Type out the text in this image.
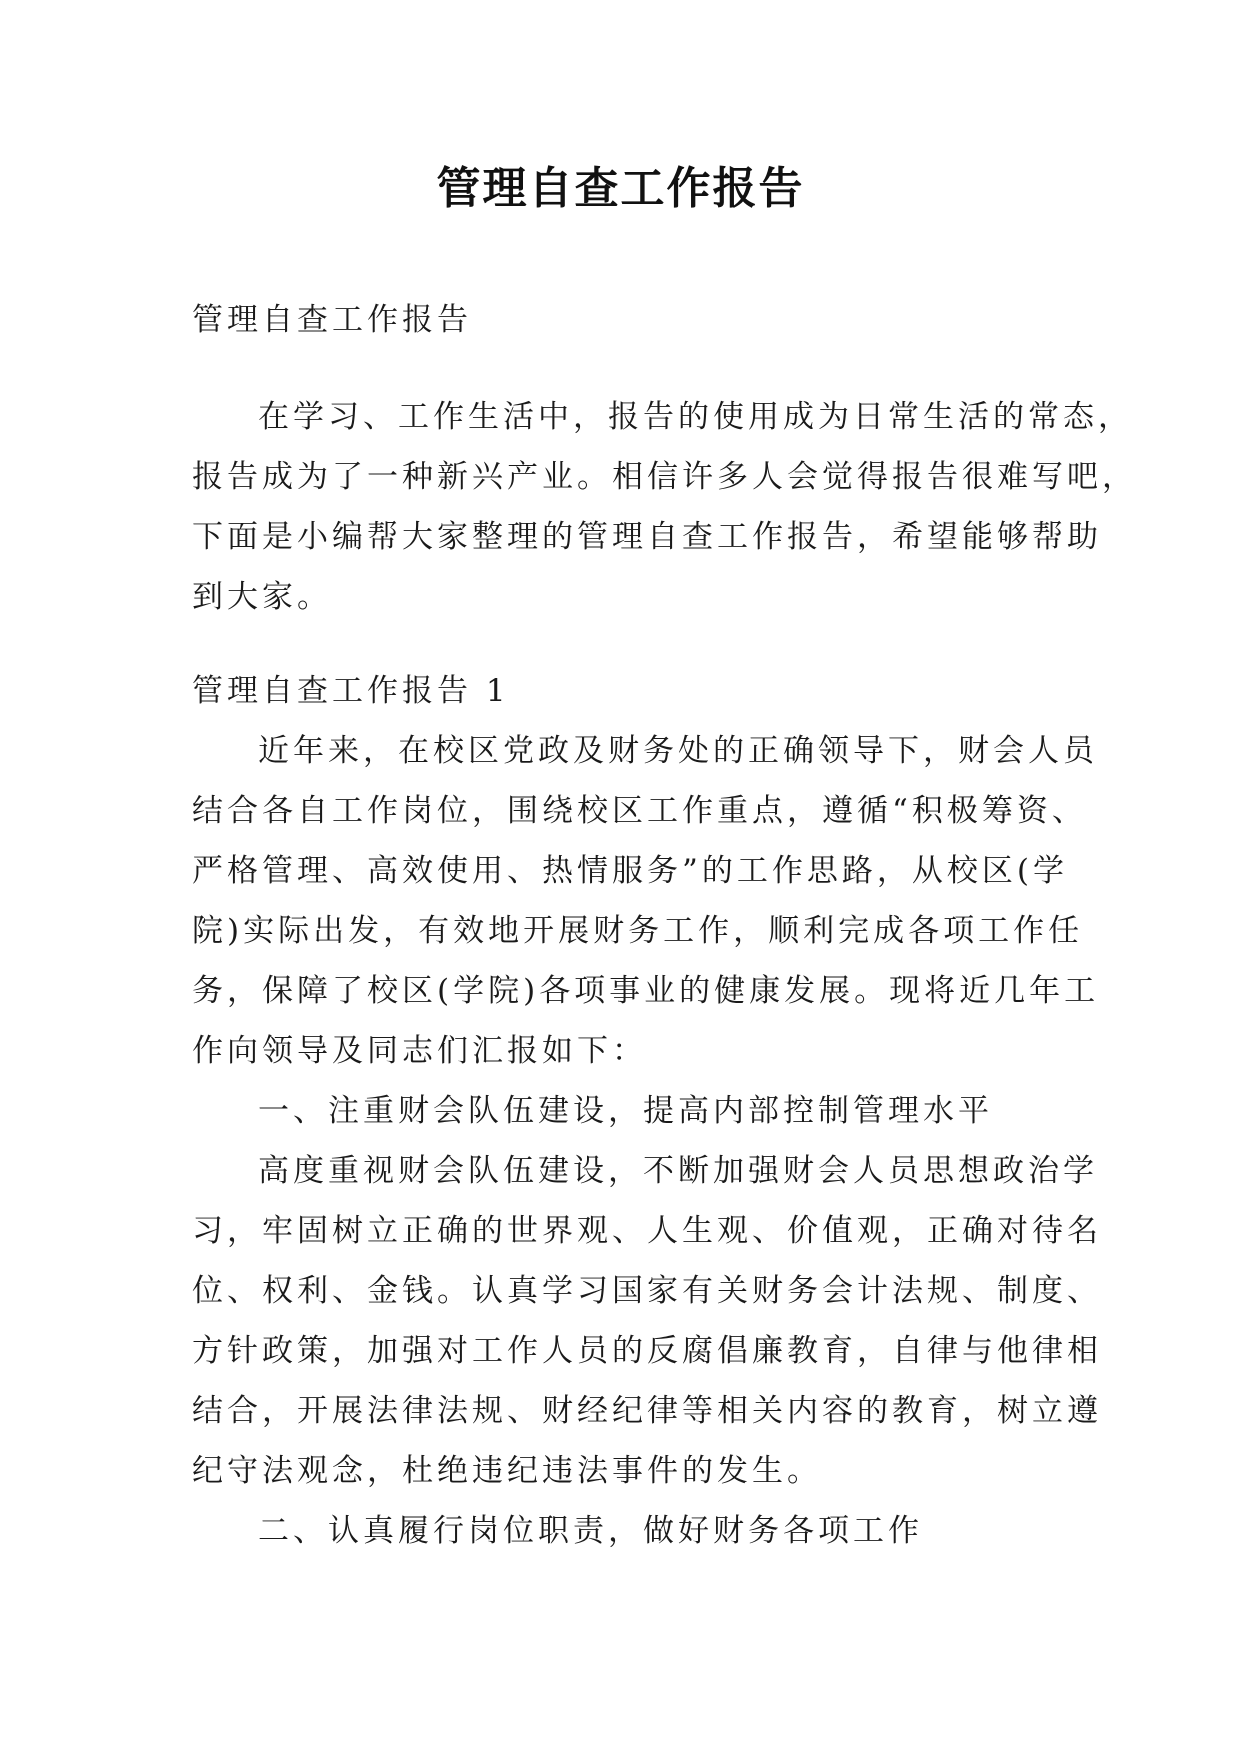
管理自查工作报告

管理自查工作报告

在学习、工作生活中，报告的使用成为日常生活的常态，

报告成为了一种新兴产业。相信许多人会觉得报告很难写吧，

下面是小编帮大家整理的管理自查工作报告，希望能够帮助

到大家。

管理自查工作报告 1

近年来，在校区党政及财务处的正确领导下，财会人员

结合各自工作岗位，围绕校区工作重点，遵循“积极筹资、

严格管理、高效使用、热情服务”的工作思路，从校区(学

院)实际出发，有效地开展财务工作，顺利完成各项工作任

务，保障了校区(学院)各项事业的健康发展。现将近几年工

作向领导及同志们汇报如下：

一、注重财会队伍建设，提高内部控制管理水平

高度重视财会队伍建设，不断加强财会人员思想政治学

习，牢固树立正确的世界观、人生观、价值观，正确对待名

位、权利、金钱。认真学习国家有关财务会计法规、制度、

方针政策，加强对工作人员的反腐倡廉教育，自律与他律相

结合，开展法律法规、财经纪律等相关内容的教育，树立遵

纪守法观念，杜绝违纪违法事件的发生。

二、认真履行岗位职责，做好财务各项工作
